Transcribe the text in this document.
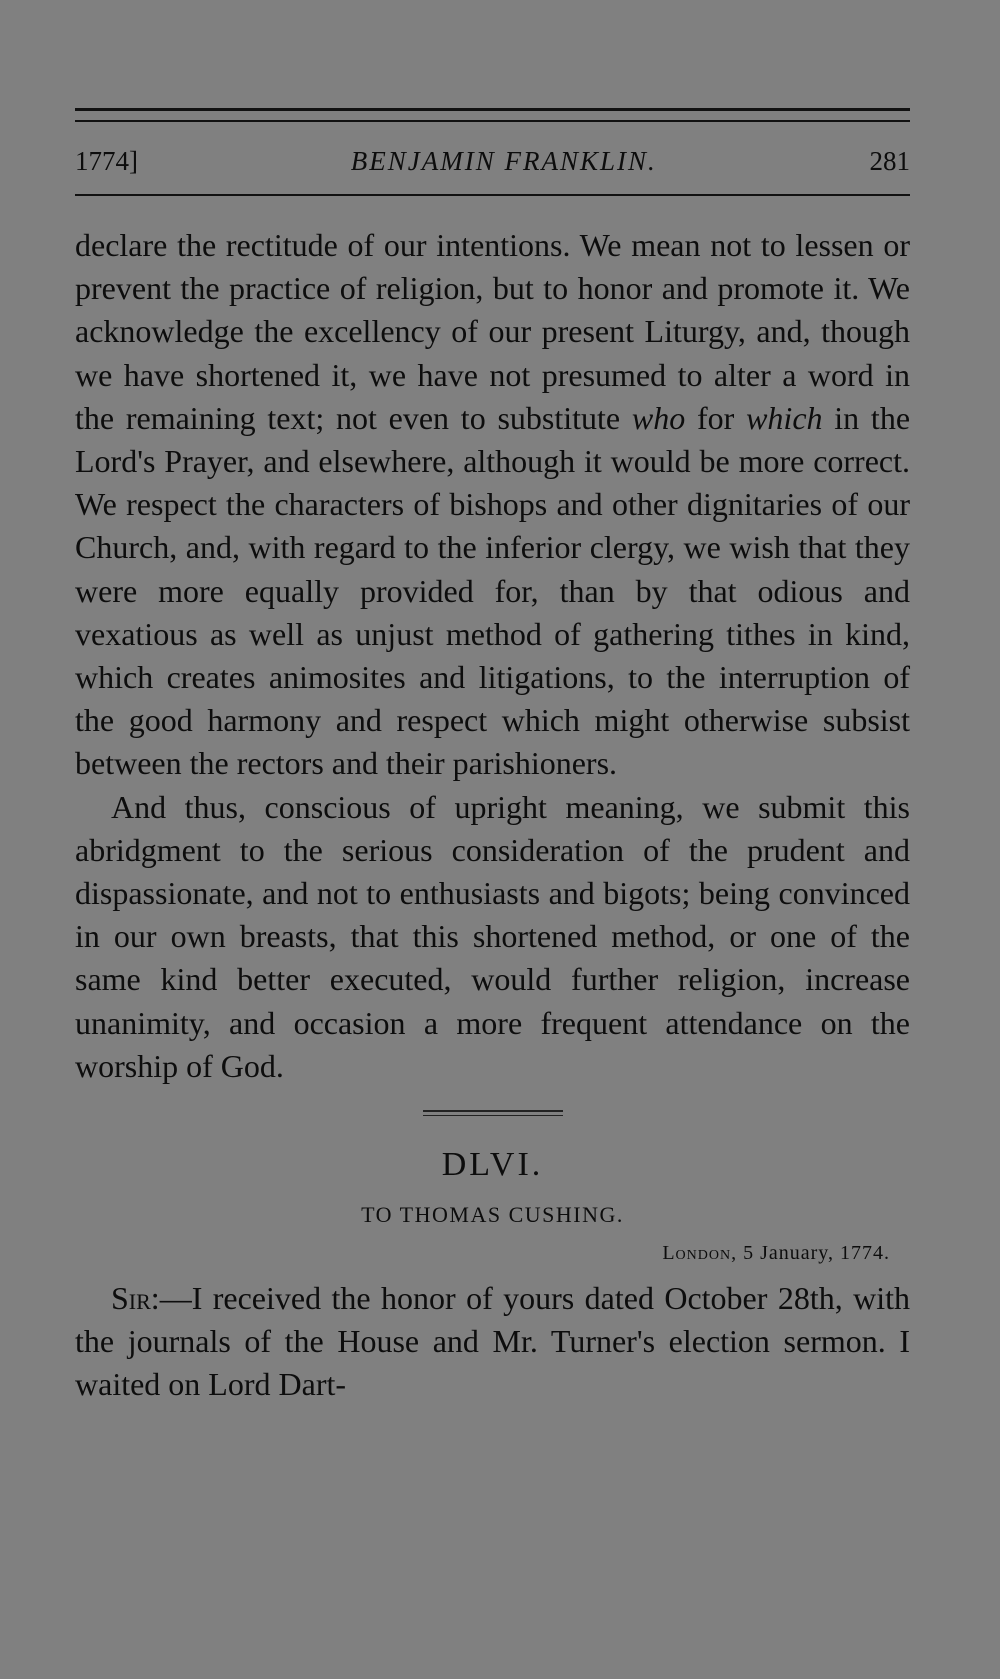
1774]	BENJAMIN FRANKLIN.	281

declare the rectitude of our intentions. We mean not to lessen or prevent the practice of religion, but to honor and promote it. We acknowledge the excellency of our present Liturgy, and, though we have shortened it, we have not presumed to alter a word in the remaining text; not even to substitute who for which in the Lord's Prayer, and elsewhere, although it would be more correct. We respect the characters of bishops and other dignitaries of our Church, and, with regard to the inferior clergy, we wish that they were more equally provided for, than by that odious and vexatious as well as unjust method of gathering tithes in kind, which creates animosites and litigations, to the interruption of the good harmony and respect which might otherwise subsist between the rectors and their parishioners.

And thus, conscious of upright meaning, we submit this abridgment to the serious consideration of the prudent and dispassionate, and not to enthusiasts and bigots; being convinced in our own breasts, that this shortened method, or one of the same kind better executed, would further religion, increase unanimity, and occasion a more frequent attendance on the worship of God.

DLVI.
TO THOMAS CUSHING.
London, 5 January, 1774.

Sir:—I received the honor of yours dated October 28th, with the journals of the House and Mr. Turner's election sermon. I waited on Lord Dart-
